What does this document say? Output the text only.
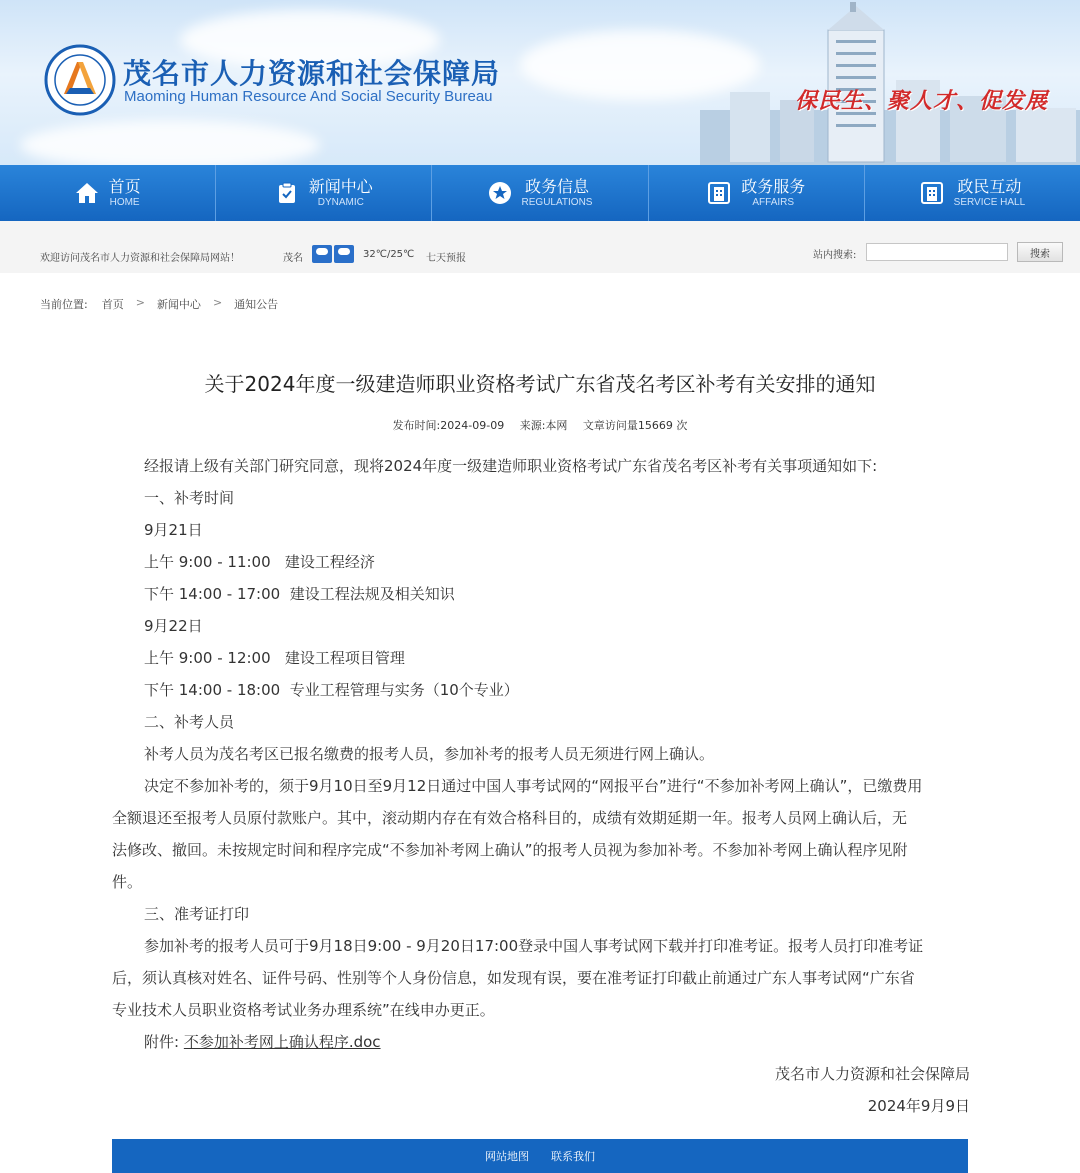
茂名市人力资源和社会保障局
Maoming Human Resource And Social Security Bureau	保民生、聚人才、促发展
首页
HOME
新闻中心
DYNAMIC
政务信息
REGULATIONS
政务服务
AFFAIRS
政民互动
SERVICE HALL
欢迎访问茂名市人力资源和社会保障局网站！	茂名	32℃/25℃ 七天预报	站内搜索:	搜索
当前位置: 首页 > 新闻中心 > 通知公告
关于2024年度一级建造师职业资格考试广东省茂名考区补考有关安排的通知
发布时间:2024-09-09 来源:本网 文章访问量15669 次
经报请上级有关部门研究同意，现将2024年度一级建造师职业资格考试广东省茂名考区补考有关事项通知如下:
一、补考时间
9月21日
上午 9:00 - 11:00   建设工程经济
下午 14:00 - 17:00  建设工程法规及相关知识
9月22日
上午 9:00 - 12:00   建设工程项目管理
下午 14:00 - 18:00  专业工程管理与实务（10个专业）
二、补考人员
补考人员为茂名考区已报名缴费的报考人员，参加补考的报考人员无须进行网上确认。
决定不参加补考的，须于9月10日至9月12日通过中国人事考试网的“网报平台”进行“不参加补考网上确认”，已缴费用
全额退还至报考人员原付款账户。其中，滚动期内存在有效合格科目的，成绩有效期延期一年。报考人员网上确认后，无
法修改、撤回。未按规定时间和程序完成“不参加补考网上确认”的报考人员视为参加补考。不参加补考网上确认程序见附
件。
三、准考证打印
参加补考的报考人员可于9月18日9:00 - 9月20日17:00登录中国人事考试网下载并打印准考证。报考人员打印准考证
后，须认真核对姓名、证件号码、性别等个人身份信息，如发现有误，要在准考证打印截止前通过广东人事考试网“广东省
专业技术人员职业资格考试业务办理系统”在线申办更正。
附件: 不参加补考网上确认程序.doc
茂名市人力资源和社会保障局
2024年9月9日
网站地图 联系我们
